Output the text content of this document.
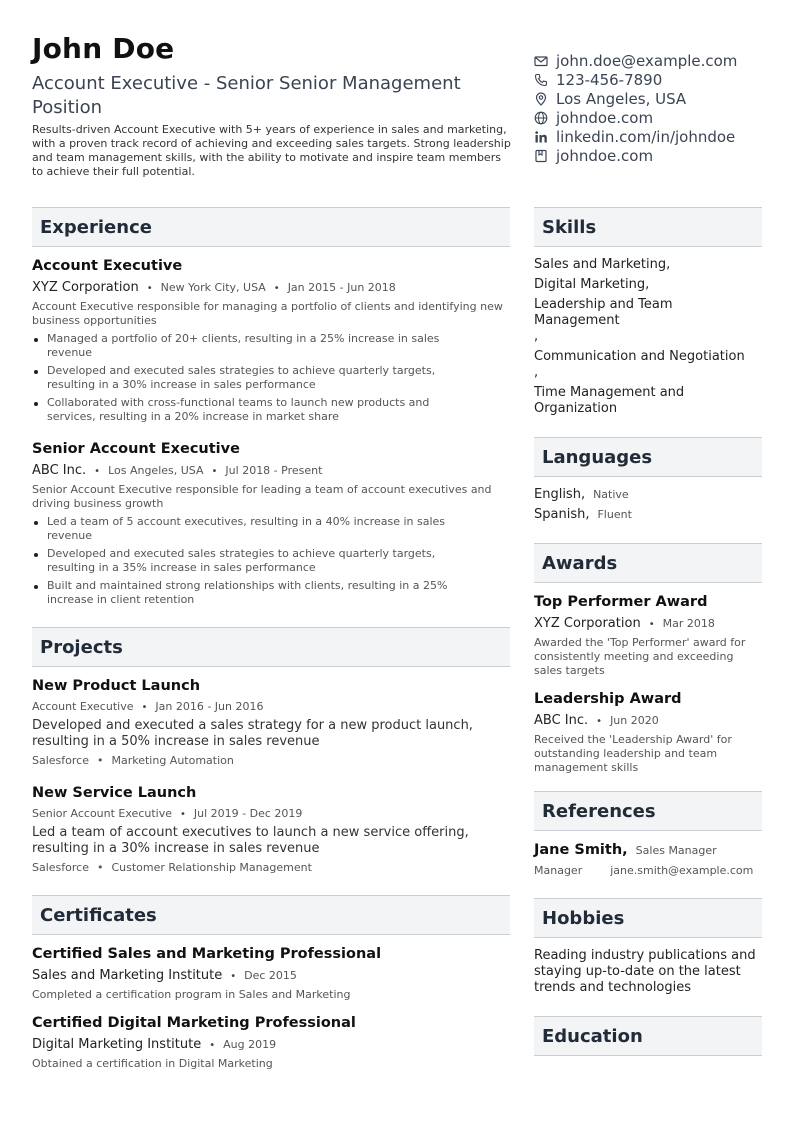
John Doe
Account Executive - Senior Senior Management Position
Results-driven Account Executive with 5+ years of experience in sales and marketing, with a proven track record of achieving and exceeding sales targets. Strong leadership and team management skills, with the ability to motivate and inspire team members to achieve their full potential.
john.doe@example.com
123-456-7890
Los Angeles, USA
johndoe.com
linkedin.com/in/johndoe
johndoe.com
Experience
Account Executive
XYZ Corporation • New York City, USA • Jan 2015 - Jun 2018
Account Executive responsible for managing a portfolio of clients and identifying new business opportunities
Managed a portfolio of 20+ clients, resulting in a 25% increase in sales revenue
Developed and executed sales strategies to achieve quarterly targets, resulting in a 30% increase in sales performance
Collaborated with cross-functional teams to launch new products and services, resulting in a 20% increase in market share
Senior Account Executive
ABC Inc. • Los Angeles, USA • Jul 2018 - Present
Senior Account Executive responsible for leading a team of account executives and driving business growth
Led a team of 5 account executives, resulting in a 40% increase in sales revenue
Developed and executed sales strategies to achieve quarterly targets, resulting in a 35% increase in sales performance
Built and maintained strong relationships with clients, resulting in a 25% increase in client retention
Projects
New Product Launch
Account Executive • Jan 2016 - Jun 2016
Developed and executed a sales strategy for a new product launch, resulting in a 50% increase in sales revenue
Salesforce • Marketing Automation
New Service Launch
Senior Account Executive • Jul 2019 - Dec 2019
Led a team of account executives to launch a new service offering, resulting in a 30% increase in sales revenue
Salesforce • Customer Relationship Management
Certificates
Certified Sales and Marketing Professional
Sales and Marketing Institute • Dec 2015
Completed a certification program in Sales and Marketing
Certified Digital Marketing Professional
Digital Marketing Institute • Aug 2019
Obtained a certification in Digital Marketing
Skills
Sales and Marketing,
Digital Marketing,
Leadership and Team Management
,
Communication and Negotiation
,
Time Management and Organization
Languages
English, Native
Spanish, Fluent
Awards
Top Performer Award
XYZ Corporation • Mar 2018
Awarded the 'Top Performer' award for consistently meeting and exceeding sales targets
Leadership Award
ABC Inc. • Jun 2020
Received the 'Leadership Award' for outstanding leadership and team management skills
References
Jane Smith, Sales Manager
Manager	jane.smith@example.com
Hobbies
Reading industry publications and staying up-to-date on the latest trends and technologies
Education
